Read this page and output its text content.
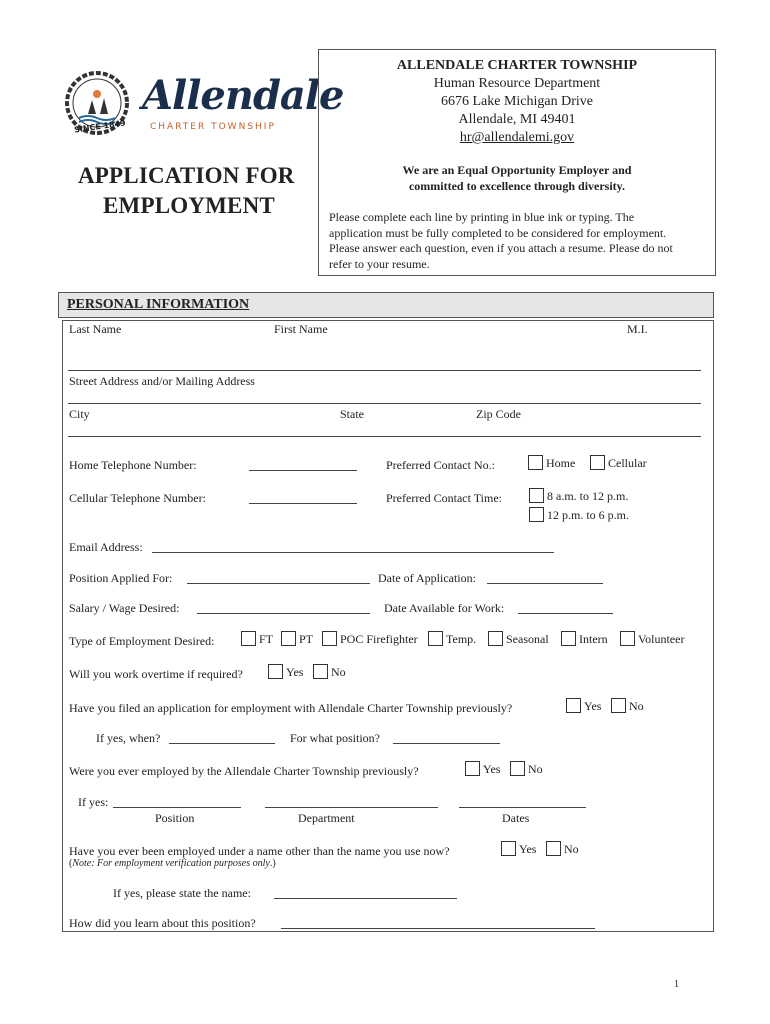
SINCE 1849
Allendale
CHARTER TOWNSHIP
APPLICATION FOR
EMPLOYMENT
ALLENDALE CHARTER TOWNSHIP
Human Resource Department
6676 Lake Michigan Drive
Allendale, MI 49401
hr@allendalemi.gov
We are an Equal Opportunity Employer and
committed to excellence through diversity.
Please complete each line by printing in blue ink or typing. The
application must be fully completed to be considered for employment.
Please answer each question, even if you attach a resume. Please do not
refer to your resume.
PERSONAL INFORMATION
Last Name	First Name	M.I.
Street Address and/or Mailing Address
City	State	Zip Code
Home Telephone Number:	Preferred Contact No.:	Home	Cellular
Cellular Telephone Number:	Preferred Contact Time:	8 a.m. to 12 p.m.
12 p.m. to 6 p.m.
Email Address:
Position Applied For:	Date of Application:
Salary / Wage Desired:	Date Available for Work:
Type of Employment Desired:	FT	PT	POC Firefighter	Temp.	Seasonal	Intern	Volunteer
Will you work overtime if required?	Yes	No
Have you filed an application for employment with Allendale Charter Township previously?	Yes	No
If yes, when?	For what position?
Were you ever employed by the Allendale Charter Township previously?	Yes	No
If yes:
Position	Department	Dates
Have you ever been employed under a name other than the name you use now?	Yes	No
(Note: For employment verification purposes only.)
If yes, please state the name:
How did you learn about this position?
1
